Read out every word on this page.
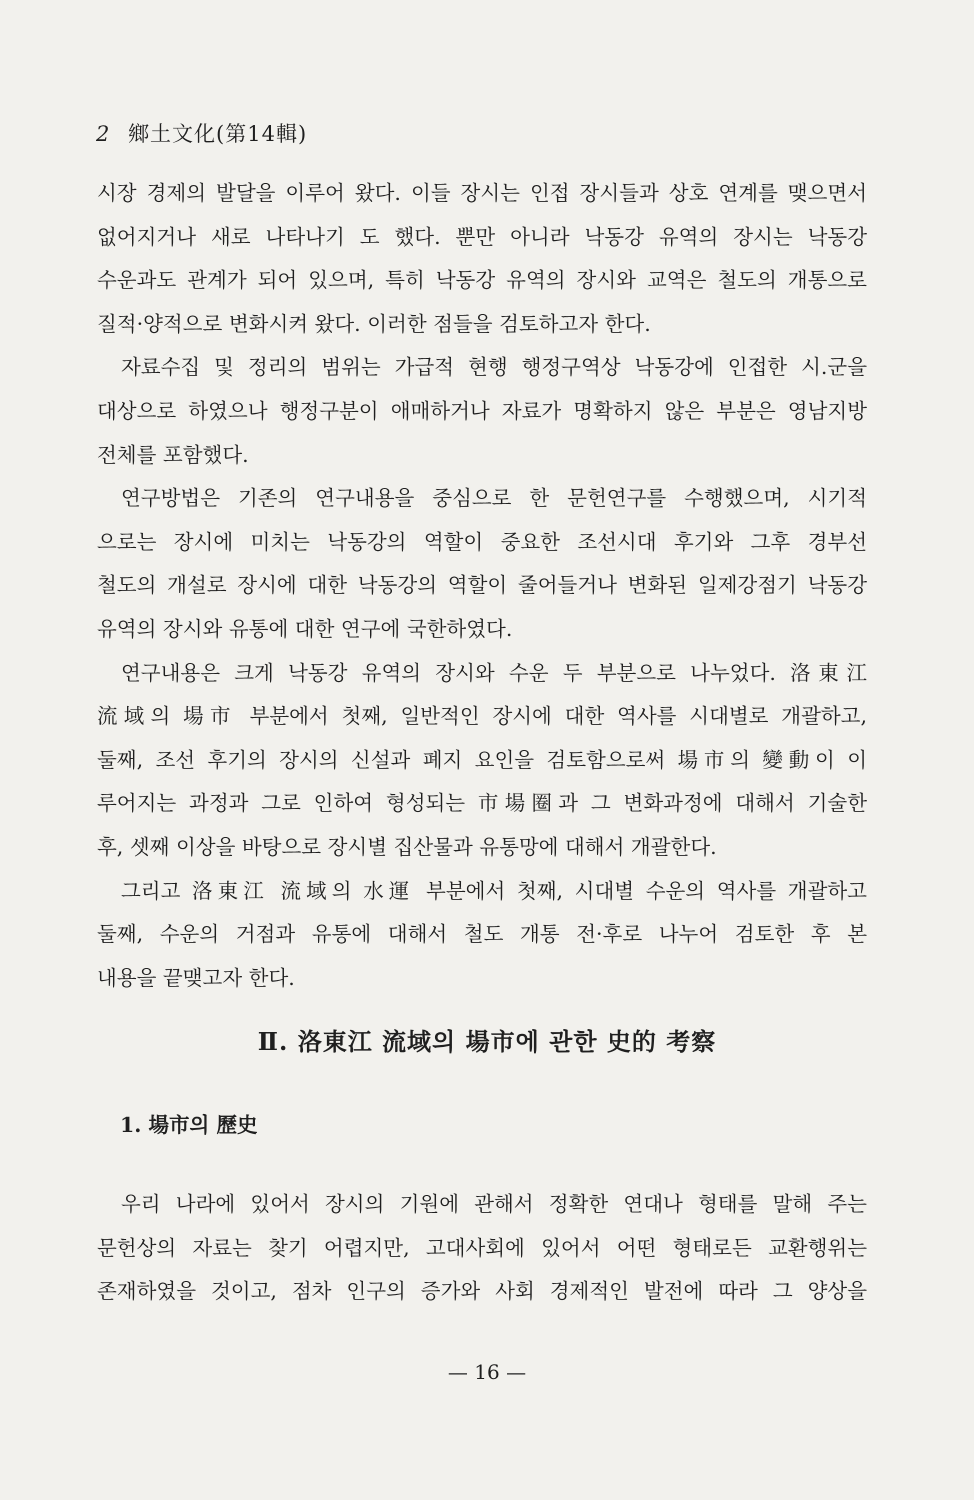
2 鄉土文化(第14輯)
시장 경제의 발달을 이루어 왔다. 이들 장시는 인접 장시들과 상호 연계를 맺으면서
없어지거나 새로 나타나기 도 했다. 뿐만 아니라 낙동강 유역의 장시는 낙동강
수운과도 관계가 되어 있으며, 특히 낙동강 유역의 장시와 교역은 철도의 개통으로
질적·양적으로 변화시켜 왔다. 이러한 점들을 검토하고자 한다.
자료수집 및 정리의 범위는 가급적 현행 행정구역상 낙동강에 인접한 시.군을
대상으로 하였으나 행정구분이 애매하거나 자료가 명확하지 않은 부분은 영남지방
전체를 포함했다.
연구방법은 기존의 연구내용을 중심으로 한 문헌연구를 수행했으며, 시기적
으로는 장시에 미치는 낙동강의 역할이 중요한 조선시대 후기와 그후 경부선
철도의 개설로 장시에 대한 낙동강의 역할이 줄어들거나 변화된 일제강점기 낙동강
유역의 장시와 유통에 대한 연구에 국한하였다.
연구내용은 크게 낙동강 유역의 장시와 수운 두 부분으로 나누었다. 洛東江
流域의 場市 부분에서 첫째, 일반적인 장시에 대한 역사를 시대별로 개괄하고,
둘째, 조선 후기의 장시의 신설과 폐지 요인을 검토함으로써 場市의 變動이 이
루어지는 과정과 그로 인하여 형성되는 市場圈과 그 변화과정에 대해서 기술한
후, 셋째 이상을 바탕으로 장시별 집산물과 유통망에 대해서 개괄한다.
그리고 洛東江 流域의 水運 부분에서 첫째, 시대별 수운의 역사를 개괄하고
둘째, 수운의 거점과 유통에 대해서 철도 개통 전·후로 나누어 검토한 후 본
내용을 끝맺고자 한다.
Ⅱ. 洛東江 流域의 場市에 관한 史的 考察
1. 場市의 歷史
우리 나라에 있어서 장시의 기원에 관해서 정확한 연대나 형태를 말해 주는
문헌상의 자료는 찾기 어렵지만, 고대사회에 있어서 어떤 형태로든 교환행위는
존재하였을 것이고, 점차 인구의 증가와 사회 경제적인 발전에 따라 그 양상을
— 16 —
